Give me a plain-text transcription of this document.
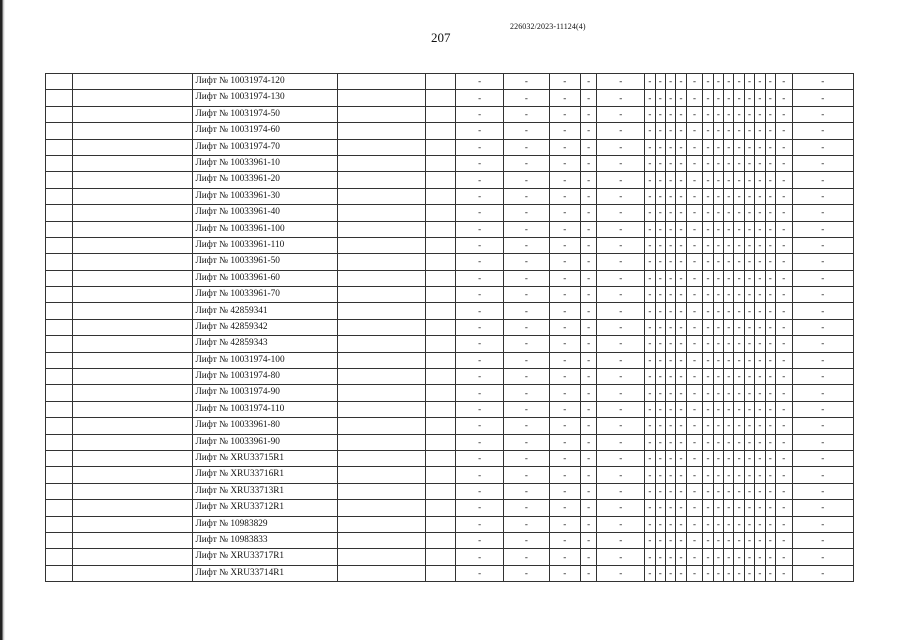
207
226032/2023-11124(4)
		Лифт № 10031974-120			-	-	-	-	-	-	-	-	-	-	-	-	-	-	-	-	-	-	-
		Лифт № 10031974-130			-	-	-	-	-	-	-	-	-	-	-	-	-	-	-	-	-	-	-
		Лифт № 10031974-50			-	-	-	-	-	-	-	-	-	-	-	-	-	-	-	-	-	-	-
		Лифт № 10031974-60			-	-	-	-	-	-	-	-	-	-	-	-	-	-	-	-	-	-	-
		Лифт № 10031974-70			-	-	-	-	-	-	-	-	-	-	-	-	-	-	-	-	-	-	-
		Лифт № 10033961-10			-	-	-	-	-	-	-	-	-	-	-	-	-	-	-	-	-	-	-
		Лифт № 10033961-20			-	-	-	-	-	-	-	-	-	-	-	-	-	-	-	-	-	-	-
		Лифт № 10033961-30			-	-	-	-	-	-	-	-	-	-	-	-	-	-	-	-	-	-	-
		Лифт № 10033961-40			-	-	-	-	-	-	-	-	-	-	-	-	-	-	-	-	-	-	-
		Лифт № 10033961-100			-	-	-	-	-	-	-	-	-	-	-	-	-	-	-	-	-	-	-
		Лифт № 10033961-110			-	-	-	-	-	-	-	-	-	-	-	-	-	-	-	-	-	-	-
		Лифт № 10033961-50			-	-	-	-	-	-	-	-	-	-	-	-	-	-	-	-	-	-	-
		Лифт № 10033961-60			-	-	-	-	-	-	-	-	-	-	-	-	-	-	-	-	-	-	-
		Лифт № 10033961-70			-	-	-	-	-	-	-	-	-	-	-	-	-	-	-	-	-	-	-
		Лифт № 42859341			-	-	-	-	-	-	-	-	-	-	-	-	-	-	-	-	-	-	-
		Лифт № 42859342			-	-	-	-	-	-	-	-	-	-	-	-	-	-	-	-	-	-	-
		Лифт № 42859343			-	-	-	-	-	-	-	-	-	-	-	-	-	-	-	-	-	-	-
		Лифт № 10031974-100			-	-	-	-	-	-	-	-	-	-	-	-	-	-	-	-	-	-	-
		Лифт № 10031974-80			-	-	-	-	-	-	-	-	-	-	-	-	-	-	-	-	-	-	-
		Лифт № 10031974-90			-	-	-	-	-	-	-	-	-	-	-	-	-	-	-	-	-	-	-
		Лифт № 10031974-110			-	-	-	-	-	-	-	-	-	-	-	-	-	-	-	-	-	-	-
		Лифт № 10033961-80			-	-	-	-	-	-	-	-	-	-	-	-	-	-	-	-	-	-	-
		Лифт № 10033961-90			-	-	-	-	-	-	-	-	-	-	-	-	-	-	-	-	-	-	-
		Лифт № XRU33715R1			-	-	-	-	-	-	-	-	-	-	-	-	-	-	-	-	-	-	-
		Лифт № XRU33716R1			-	-	-	-	-	-	-	-	-	-	-	-	-	-	-	-	-	-	-
		Лифт № XRU33713R1			-	-	-	-	-	-	-	-	-	-	-	-	-	-	-	-	-	-	-
		Лифт № XRU33712R1			-	-	-	-	-	-	-	-	-	-	-	-	-	-	-	-	-	-	-
		Лифт № 10983829			-	-	-	-	-	-	-	-	-	-	-	-	-	-	-	-	-	-	-
		Лифт № 10983833			-	-	-	-	-	-	-	-	-	-	-	-	-	-	-	-	-	-	-
		Лифт № XRU33717R1			-	-	-	-	-	-	-	-	-	-	-	-	-	-	-	-	-	-	-
		Лифт № XRU33714R1			-	-	-	-	-	-	-	-	-	-	-	-	-	-	-	-	-	-	-
